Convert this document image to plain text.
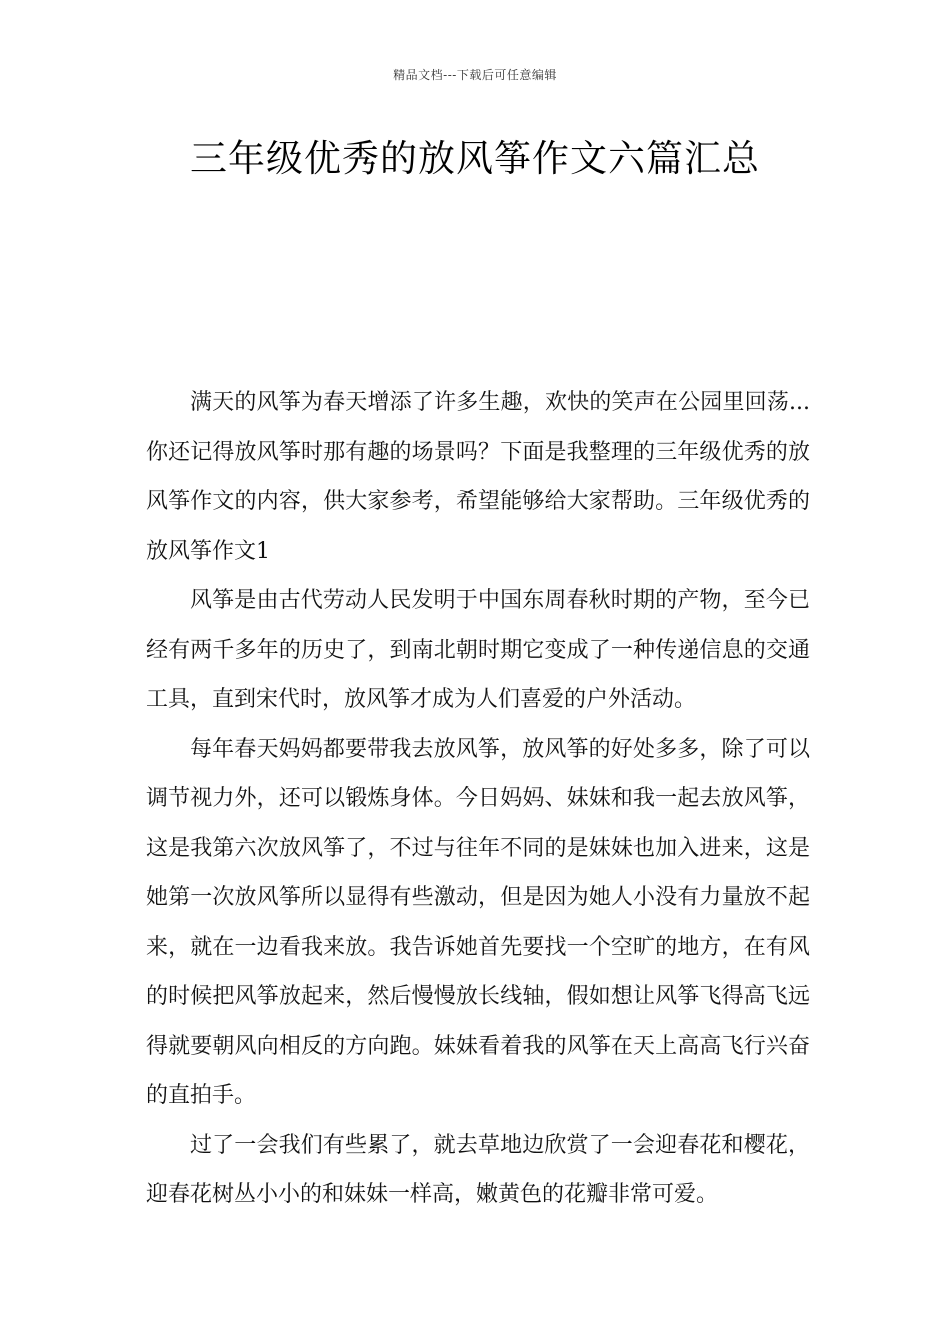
精品文档---下载后可任意编辑
三年级优秀的放风筝作文六篇汇总

满天的风筝为春天增添了许多生趣，欢快的笑声在公园里回荡...你还记得放风筝时那有趣的场景吗？下面是我整理的三年级优秀的放风筝作文的内容，供大家参考，希望能够给大家帮助。三年级优秀的放风筝作文1

风筝是由古代劳动人民发明于中国东周春秋时期的产物，至今已经有两千多年的历史了，到南北朝时期它变成了一种传递信息的交通工具，直到宋代时，放风筝才成为人们喜爱的户外活动。

每年春天妈妈都要带我去放风筝，放风筝的好处多多，除了可以调节视力外，还可以锻炼身体。今日妈妈、妹妹和我一起去放风筝，这是我第六次放风筝了，不过与往年不同的是妹妹也加入进来，这是她第一次放风筝所以显得有些激动，但是因为她人小没有力量放不起来，就在一边看我来放。我告诉她首先要找一个空旷的地方，在有风的时候把风筝放起来，然后慢慢放长线轴，假如想让风筝飞得高飞远得就要朝风向相反的方向跑。妹妹看着我的风筝在天上高高飞行兴奋的直拍手。

过了一会我们有些累了，就去草地边欣赏了一会迎春花和樱花，迎春花树丛小小的和妹妹一样高，嫩黄色的花瓣非常可爱。
